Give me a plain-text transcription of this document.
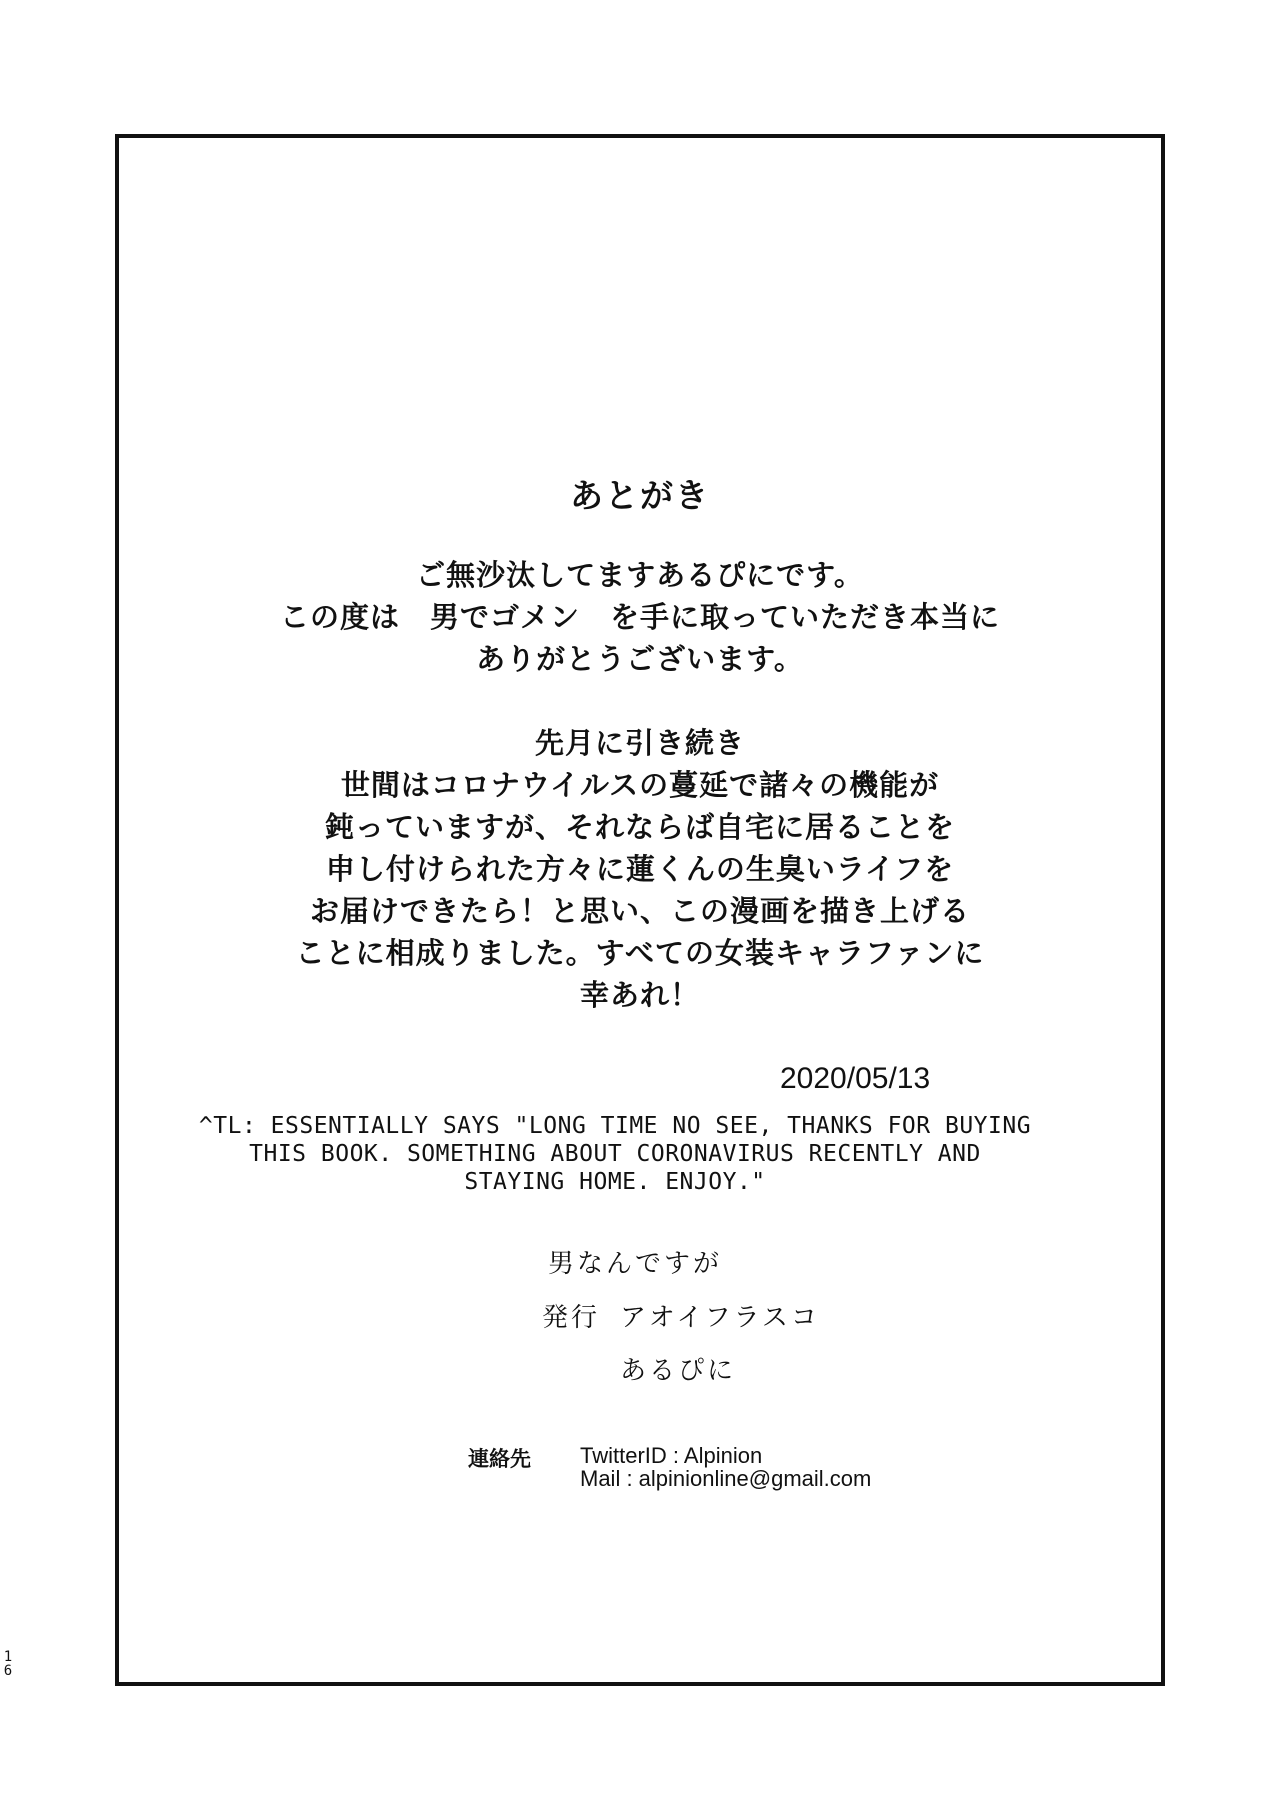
1
6
あとがき
ご無沙汰してますあるぴにです。
この度は　男でゴメン　を手に取っていただき本当に
ありがとうございます。
先月に引き続き
世間はコロナウイルスの蔓延で諸々の機能が
鈍っていますが、それならば自宅に居ることを
申し付けられた方々に蓮くんの生臭いライフを
お届けできたら！と思い、この漫画を描き上げる
ことに相成りました。すべての女装キャラファンに
幸あれ！
2020/05/13
^TL: ESSENTIALLY SAYS "LONG TIME NO SEE, THANKS FOR BUYING
THIS BOOK. SOMETHING ABOUT CORONAVIRUS RECENTLY AND
STAYING HOME. ENJOY."
男なんですが
発行 アオイフラスコ
あるぴに
連絡先 TwitterID : Alpinion
Mail : alpinionline@gmail.com
